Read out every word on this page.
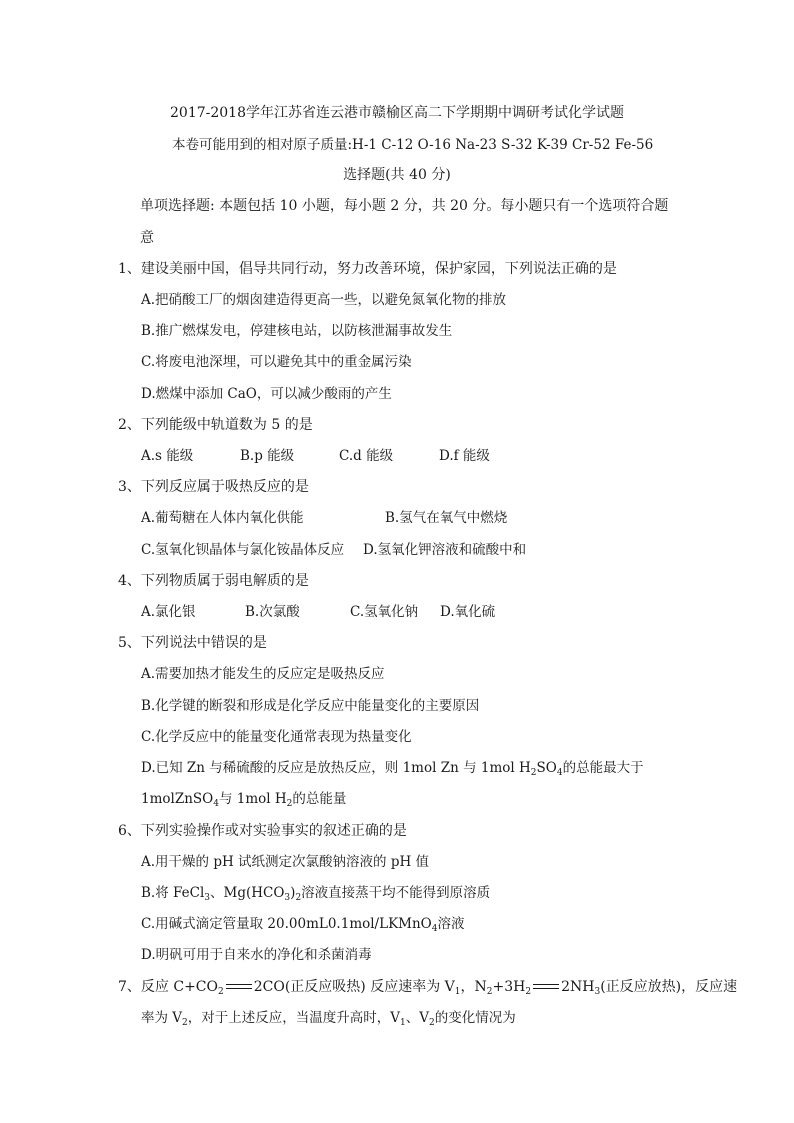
2017-2018学年江苏省连云港市赣榆区高二下学期期中调研考试化学试题
本卷可能用到的相对原子质量:H-1 C-12 O-16 Na-23 S-32 K-39 Cr-52 Fe-56
选择题(共 40 分)
单项选择题: 本题包括 10 小题，每小题 2 分，共 20 分。每小题只有一个选项符合题
意
1、建设美丽中国，倡导共同行动，努力改善环境，保护家园，下列说法正确的是
A.把硝酸工厂的烟囱建造得更高一些，以避免氮氧化物的排放
B.推广燃煤发电，停建核电站，以防核泄漏事故发生
C.将废电池深埋，可以避免其中的重金属污染
D.燃煤中添加 CaO，可以减少酸雨的产生
2、下列能级中轨道数为 5 的是
A.s 能级	B.p 能级	C.d 能级	D.f 能级
3、下列反应属于吸热反应的是
A.葡萄糖在人体内氧化供能	B.氢气在氧气中燃烧
C.氢氧化钡晶体与氯化铵晶体反应	D.氢氧化钾溶液和硫酸中和
4、下列物质属于弱电解质的是
A.氯化银	B.次氯酸	C.氢氧化钠	D.氧化硫
5、下列说法中错误的是
A.需要加热才能发生的反应定是吸热反应
B.化学键的断裂和形成是化学反应中能量变化的主要原因
C.化学反应中的能量变化通常表现为热量变化
D.已知 Zn 与稀硫酸的反应是放热反应，则 1mol Zn 与 1mol $H_2SO_4$的总能最大于
1molZnSO$_4$与 1mol $H_2$的总能量
6、下列实验操作或对实验事实的叙述正确的是
A.用干燥的 pH 试纸测定次氯酸钠溶液的 pH 值
B.将 FeCl$_3$、$Mg(HCO_3)_2$溶液直接蒸干均不能得到原溶质
C.用碱式滴定管量取 20.00mL0.1mol/LKMnO$_4$溶液
D.明矾可用于自来水的净化和杀菌消毒
7、反应 $C+CO_2$ 2CO(正反应吸热) 反应速率为 $V_1$，$N_2+3H_2$ $2NH_3$(正反应放热)，反应速
率为 $V_2$，对于上述反应，当温度升高时，$V_1$、$V_2$的变化情况为
